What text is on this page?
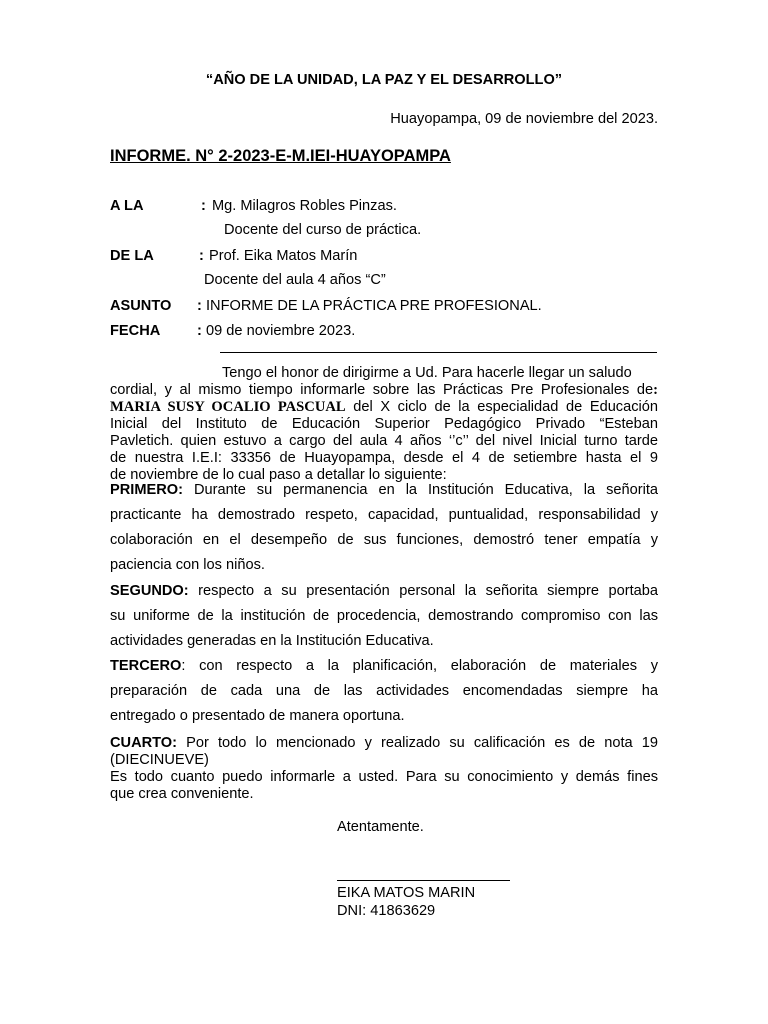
“AÑO DE LA UNIDAD, LA PAZ Y EL DESARROLLO”
Huayopampa, 09 de noviembre del 2023.
INFORME. N° 2-2023-E-M.IEI-HUAYOPAMPA
A LA	: Mg. Milagros Robles Pinzas.
Docente del curso de práctica.
DE LA	: Prof. Eika Matos Marín
Docente del aula 4 años “C”
ASUNTO : INFORME DE LA PRÁCTICA PRE PROFESIONAL.
FECHA	: 09 de noviembre 2023.
Tengo el honor de dirigirme a Ud. Para hacerle llegar un saludo
cordial, y al mismo tiempo informarle sobre las Prácticas Pre Profesionales de:
MARIA SUSY OCALIO PASCUAL del X ciclo de la especialidad de Educación
Inicial del Instituto de Educación Superior Pedagógico Privado “Esteban
Pavletich. quien estuvo a cargo del aula 4 años ‘’c’’ del nivel Inicial turno tarde
de nuestra I.E.I: 33356 de Huayopampa, desde el 4 de setiembre hasta el 9
de noviembre de lo cual paso a detallar lo siguiente:
PRIMERO: Durante su permanencia en la Institución Educativa, la señorita
practicante ha demostrado respeto, capacidad, puntualidad, responsabilidad y
colaboración en el desempeño de sus funciones, demostró tener empatía y
paciencia con los niños.
SEGUNDO: respecto a su presentación personal la señorita siempre portaba
su uniforme de la institución de procedencia, demostrando compromiso con las
actividades generadas en la Institución Educativa.
TERCERO: con respecto a la planificación, elaboración de materiales y
preparación de cada una de las actividades encomendadas siempre ha
entregado o presentado de manera oportuna.
CUARTO: Por todo lo mencionado y realizado su calificación es de nota 19
(DIECINUEVE)
Es todo cuanto puedo informarle a usted. Para su conocimiento y demás fines
que crea conveniente.
Atentamente.
EIKA MATOS MARIN
DNI: 41863629
